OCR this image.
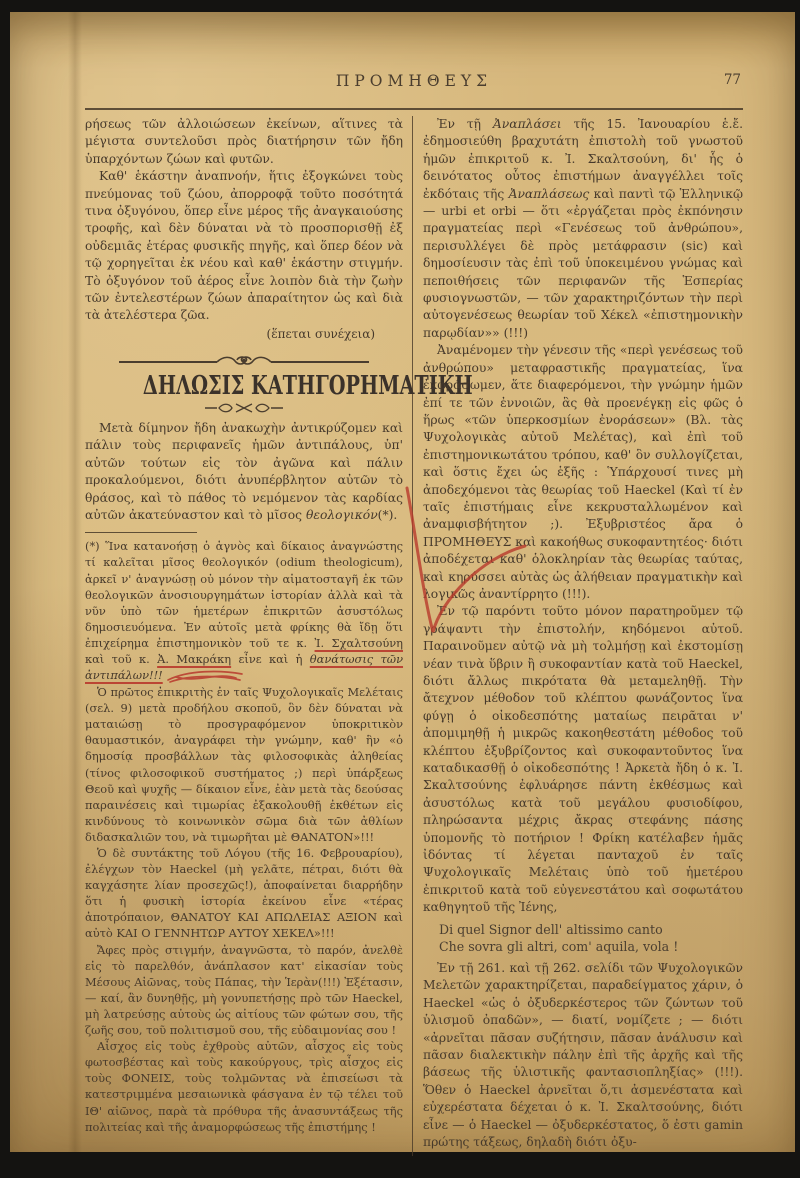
ΠΡΟΜΗΘΕΥΣ	77

ρήσεως τῶν ἀλλοιώσεων ἐκείνων, αἵτινες τὰ μέγιστα συντελοῦσι πρὸς διατήρησιν τῶν ἤδη ὑπαρχόντων ζώων καὶ φυτῶν.

Καθ' ἑκάστην ἀναπνοήν, ἥτις ἐξογκώνει τοὺς πνεύμονας τοῦ ζώου, ἀπορροφᾷ τοῦτο ποσότητά τινα ὀξυγόνου, ὅπερ εἶνε μέρος τῆς ἀναγκαιούσης τροφῆς, καὶ δὲν δύναται νὰ τὸ προσπορισθῇ ἐξ οὐδεμιᾶς ἑτέρας φυσικῆς πηγῆς, καὶ ὅπερ δέον νὰ τῷ χορηγεῖται ἐκ νέου καὶ καθ' ἑκάστην στιγμήν. Τὸ ὀξυγόνον τοῦ ἀέρος εἶνε λοιπὸν διὰ τὴν ζωὴν τῶν ἐντελεστέρων ζώων ἀπαραίτητον ὡς καὶ διὰ τὰ ἀτελέστερα ζῶα.

(ἕπεται συνέχεια)

ΔΗΛΩΣΙΣ ΚΑΤΗΓΟΡΗΜΑΤΙΚΗ

Μετὰ δίμηνον ἤδη ἀνακωχὴν ἀντικρύζομεν καὶ πάλιν τοὺς περιφανεῖς ἡμῶν ἀντιπάλους, ὑπ' αὐτῶν τούτων εἰς τὸν ἀγῶνα καὶ πάλιν προκαλούμενοι, διότι ἀνυπέρβλητον αὐτῶν τὸ θράσος, καὶ τὸ πάθος τὸ νεμόμενον τὰς καρδίας αὐτῶν ἀκατεύναστον καὶ τὸ μῖσος θεολογικόν(*).

(*) Ἵνα κατανοήσῃ ὁ ἁγνὸς καὶ δίκαιος ἀναγνώστης τί καλεῖται μῖσος θεολογικόν (odium theologicum), ἀρκεῖ ν' ἀναγνώσῃ οὐ μόνον τὴν αἱματοσταγῆ ἐκ τῶν θεολογικῶν ἀνοσιουργημάτων ἱστορίαν ἀλλὰ καὶ τὰ νῦν ὑπὸ τῶν ἡμετέρων ἐπικριτῶν ἀσυστόλως δημοσιευόμενα. Ἐν αὐτοῖς μετὰ φρίκης θὰ ἴδῃ ὅτι ἐπιχείρημα ἐπιστημονικὸν τοῦ τε κ. Ἰ. Σχαλτσούνη καὶ τοῦ κ. Ἀ. Μακράκη εἶνε καὶ ἡ θανάτωσις τῶν ἀντιπάλων!!!

Ὁ πρῶτος ἐπικριτὴς ἐν ταῖς Ψυχολογικαῖς Μελέταις (σελ. 9) μετὰ προδήλου σκοποῦ, ὃν δὲν δύναται νὰ ματαιώσῃ τὸ προσγραφόμενον ὑποκριτικὸν θαυμαστικόν, ἀναγράφει τὴν γνώμην, καθ' ἣν «ὁ δημοσίᾳ προσβάλλων τὰς φιλοσοφικὰς ἀληθείας (τίνος φιλοσοφικοῦ συστήματος ;) περὶ ὑπάρξεως Θεοῦ καὶ ψυχῆς — δίκαιον εἶνε, ἐὰν μετὰ τὰς δεούσας παραινέσεις καὶ τιμωρίας ἐξακολουθῇ ἐκθέτων εἰς κινδύνους τὸ κοινωνικὸν σῶμα διὰ τῶν ἀθλίων διδασκαλιῶν του, νὰ τιμωρῆται μὲ ΘΑΝΑΤΟΝ»!!!

Ὁ δὲ συντάκτης τοῦ Λόγου (τῆς 16. Φεβρουαρίου), ἐλέγχων τὸν Haeckel (μὴ γελᾶτε, πέτραι, διότι θὰ καγχάσητε λίαν προσεχῶς!), ἀποφαίνεται διαρρήδην ὅτι ἡ φυσικὴ ἱστορία ἐκείνου εἶνε «τέρας ἀποτρόπαιον, ΘΑΝΑΤΟΥ ΚΑΙ ΑΠΩΛΕΙΑΣ ΑΞΙΟΝ καὶ αὐτὸ ΚΑΙ Ο ΓΕΝΝΗΤΩΡ ΑΥΤΟΥ ΧΕΚΕΛ»!!!

Ἄφες πρὸς στιγμήν, ἀναγνῶστα, τὸ παρόν, ἀνελθὲ εἰς τὸ παρελθόν, ἀνάπλασον κατ' εἰκασίαν τοὺς Μέσους Αἰῶνας, τοὺς Πάπας, τὴν Ἱερὰν(!!!) Ἐξέτασιν, — καί, ἂν δυνηθῇς, μὴ γονυπετήσῃς πρὸ τῶν Haeckel, μὴ λατρεύσῃς αὐτοὺς ὡς αἰτίους τῶν φώτων σου, τῆς ζωῆς σου, τοῦ πολιτισμοῦ σου, τῆς εὐδαιμονίας σου !

Αἶσχος εἰς τοὺς ἐχθροὺς αὐτῶν, αἶσχος εἰς τοὺς φωτοσβέστας καὶ τοὺς κακούργους, τρὶς αἶσχος εἰς τοὺς ΦΟΝΕΙΣ, τοὺς τολμῶντας νὰ ἐπισείωσι τὰ κατεστριμμένα μεσαιωνικὰ φάσγανα ἐν τῷ τέλει τοῦ ΙΘ' αἰῶνος, παρὰ τὰ πρόθυρα τῆς ἀνασυντάξεως τῆς πολιτείας καὶ τῆς ἀναμορφώσεως τῆς ἐπιστήμης !

Ἐν τῇ Ἀναπλάσει τῆς 15. Ἰανουαρίου ἑ.ἔ. ἐδημοσιεύθη βραχυτάτη ἐπιστολὴ τοῦ γνωστοῦ ἡμῶν ἐπικριτοῦ κ. Ἰ. Σκαλτσούνη, δι' ἧς ὁ δεινότατος οὗτος ἐπιστήμων ἀναγγέλλει τοῖς ἐκδόταις τῆς Ἀναπλάσεως καὶ παντὶ τῷ Ἑλληνικῷ — urbi et orbi — ὅτι «ἐργάζεται πρὸς ἐκπόνησιν πραγματείας περὶ «Γενέσεως τοῦ ἀνθρώπου», περισυλλέγει δὲ πρὸς μετάφρασιν (sic) καὶ δημοσίευσιν τὰς ἐπὶ τοῦ ὑποκειμένου γνώμας καὶ πεποιθήσεις τῶν περιφανῶν τῆς Ἑσπερίας φυσιογνωστῶν, — τῶν χαρακτηριζόντων τὴν περὶ αὐτογενέσεως θεωρίαν τοῦ Χέκελ «ἐπιστημονικὴν παρῳδίαν»» (!!!)

Ἀναμένομεν τὴν γένεσιν τῆς «περὶ γενέσεως τοῦ ἀνθρώπου» μεταφραστικῆς πραγματείας, ἵνα ἐκφράσωμεν, ἅτε διαφερόμενοι, τὴν γνώμην ἡμῶν ἐπί τε τῶν ἐννοιῶν, ἃς θὰ προενέγκῃ εἰς φῶς ὁ ἥρως «τῶν ὑπερκοσμίων ἐνοράσεων» (Βλ. τὰς Ψυχολογικὰς αὐτοῦ Μελέτας), καὶ ἐπὶ τοῦ ἐπιστημονικωτάτου τρόπου, καθ' ὃν συλλογίζεται, καὶ ὅστις ἔχει ὡς ἑξῆς : Ὑπάρχουσί τινες μὴ ἀποδεχόμενοι τὰς θεωρίας τοῦ Haeckel (Καὶ τί ἐν ταῖς ἐπιστήμαις εἶνε κεκρυσταλλωμένον καὶ ἀναμφισβήτητον ;). Ἐξυβριστέος ἄρα ὁ ΠΡΟΜΗΘΕΥΣ καὶ κακοήθως συκοφαντητέος· διότι ἀποδέχεται καθ' ὁλοκληρίαν τὰς θεωρίας ταύτας, καὶ κηρύσσει αὐτὰς ὡς ἀλήθειαν πραγματικὴν καὶ λογικῶς ἀναντίρρητο (!!!).

Ἐν τῷ παρόντι τοῦτο μόνον παρατηροῦμεν τῷ γράψαντι τὴν ἐπιστολήν, κηδόμενοι αὐτοῦ. Παραινοῦμεν αὐτῷ νὰ μὴ τολμήσῃ καὶ ἐκστομίσῃ νέαν τινὰ ὕβριν ἢ συκοφαντίαν κατὰ τοῦ Haeckel, διότι ἄλλως πικρότατα θὰ μεταμεληθῇ. Τὴν ἄτεχνον μέθοδον τοῦ κλέπτου φωνάζοντος ἵνα φύγῃ ὁ οἰκοδεσπότης ματαίως πειρᾶται ν' ἀπομιμηθῇ ἡ μικρῶς κακοηθεστάτη μέθοδος τοῦ κλέπτου ἐξυβρίζοντος καὶ συκοφαντοῦντος ἵνα καταδικασθῇ ὁ οἰκοδεσπότης ! Ἀρκετὰ ἤδη ὁ κ. Ἰ. Σκαλτσούνης ἐφλυάρησε πάντη ἐκθέσμως καὶ ἀσυστόλως κατὰ τοῦ μεγάλου φυσιοδίφου, πληρώσαντα μέχρις ἄκρας στεφάνης πάσης ὑπομονῆς τὸ ποτήριον ! Φρίκη κατέλαβεν ἡμᾶς ἰδόντας τί λέγεται πανταχοῦ ἐν ταῖς Ψυχολογικαῖς Μελέταις ὑπὸ τοῦ ἡμετέρου ἐπικριτοῦ κατὰ τοῦ εὐγενεστάτου καὶ σοφωτάτου καθηγητοῦ τῆς Ἰένης,

Di quel Signor dell' altissimo canto
Che sovra gli altri, com' aquila, vola !

Ἐν τῇ 261. καὶ τῇ 262. σελίδι τῶν Ψυχολογικῶν Μελετῶν χαρακτηρίζεται, παραδείγματος χάριν, ὁ Haeckel «ὡς ὁ ὀξυδερκέστερος τῶν ζώντων τοῦ ὑλισμοῦ ὀπαδῶν», — διατί, νομίζετε ; — διότι «ἀρνεῖται πᾶσαν συζήτησιν, πᾶσαν ἀνάλυσιν καὶ πᾶσαν διαλεκτικὴν πάλην ἐπὶ τῆς ἀρχῆς καὶ τῆς βάσεως τῆς ὑλιστικῆς φαντασιοπληξίας» (!!!). Ὅθεν ὁ Haeckel ἀρνεῖται ὅ,τι ἀσμενέστατα καὶ εὐχερέστατα δέχεται ὁ κ. Ἰ. Σκαλτσούνης, διότι εἶνε — ὁ Haeckel — ὀξυδερκέστατος, ὅ ἐστι gamin πρώτης τάξεως, δηλαδὴ διότι ὀξυ-
